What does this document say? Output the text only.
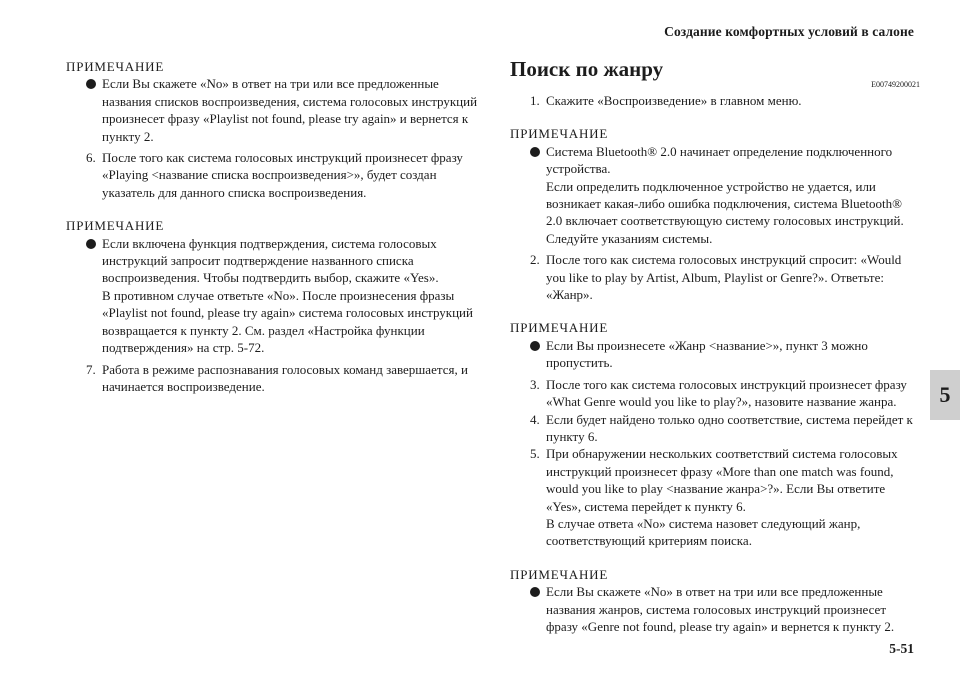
Создание комфортных условий в салоне
5
5-51

ПРИМЕЧАНИЕ

Если Вы скажете «No» в ответ на три или все предложенные названия списков воспроизведения, система голосовых инструкций произнесет фразу «Playlist not found, please try again» и вернется к пункту 2.

6. После того как система голосовых инструкций произнесет фразу «Playing <название списка воспроизведения>», будет создан указатель для данного списка воспроизведения.

ПРИМЕЧАНИЕ

Если включена функция подтверждения, система голосовых инструкций запросит подтверждение названного списка воспроизведения. Чтобы подтвердить выбор, скажите «Yes».

В противном случае ответьте «No». После произнесения фразы «Playlist not found, please try again» система голосовых инструкций возвращается к пункту 2. См. раздел «Настройка функции подтверждения» на стр. 5-72.

7. Работа в режиме распознавания голосовых команд завершается, и начинается воспроизведение.

Поиск по жанру
E00749200021
1. Скажите «Воспроизведение» в главном меню.

ПРИМЕЧАНИЕ

Система Bluetooth® 2.0 начинает определение подключенного устройства.

Если определить подключенное устройство не удается, или возникает какая-либо ошибка подключения, система Bluetooth® 2.0 включает соответствующую систему голосовых инструкций. Следуйте указаниям системы.

2. После того как система голосовых инструкций спросит: «Would you like to play by Artist, Album, Playlist or Genre?». Ответьте: «Жанр».

ПРИМЕЧАНИЕ

Если Вы произнесете «Жанр <название>», пункт 3 можно пропустить.

3. После того как система голосовых инструкций произнесет фразу «What Genre would you like to play?», назовите название жанра.

4. Если будет найдено только одно соответствие, система перейдет к пункту 6.

5. При обнаружении нескольких соответствий система голосовых инструкций произнесет фразу «More than one match was found, would you like to play <название жанра>?». Если Вы ответите «Yes», система перейдет к пункту 6.

В случае ответа «No» система назовет следующий жанр, соответствующий критериям поиска.

ПРИМЕЧАНИЕ

Если Вы скажете «No» в ответ на три или все предложенные названия жанров, система голосовых инструкций произнесет фразу «Genre not found, please try again» и вернется к пункту 2.
